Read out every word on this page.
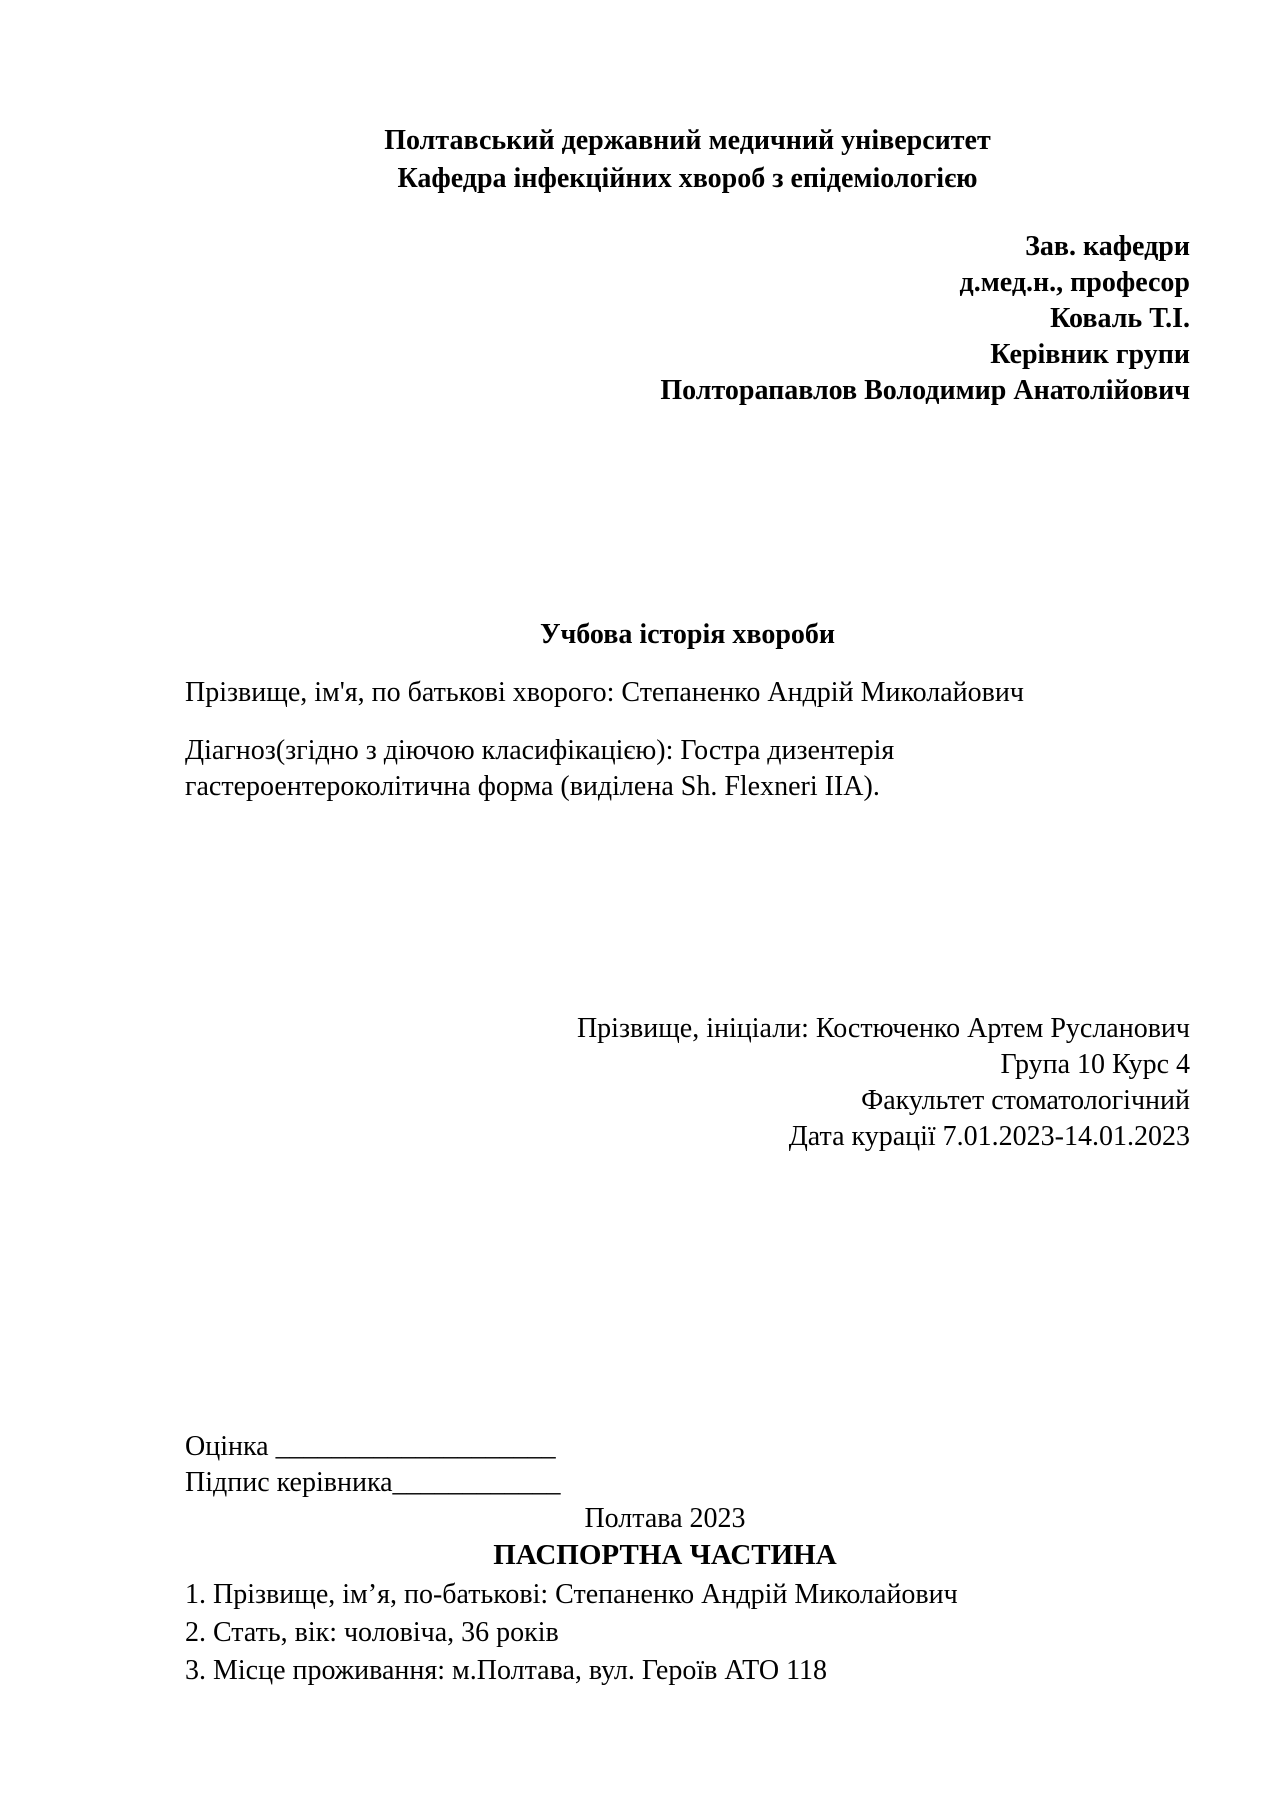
Полтавський державний медичний університет
Кафедра інфекційних хвороб з епідеміологією
Зав. кафедри
д.мед.н., професор
Коваль Т.І.
Керівник групи
Полторапавлов Володимир Анатолійович
Учбова історія хвороби
Прізвище, ім'я, по батькові хворого: Степаненко Андрій Миколайович
Діагноз(згідно з діючою класифікацією): Гостра дизентерія
гастероентероколітична форма (виділена Sh. Flexneri IIA).
Прізвище, ініціали: Костюченко Артем Русланович
Група 10 Курс 4
Факультет стоматологічний
Дата курації 7.01.2023-14.01.2023
Оцінка ____________________
Підпис керівника____________
Полтава 2023
ПАСПОРТНА ЧАСТИНА
1. Прізвище, ім’я, по-батькові: Степаненко Андрій Миколайович
2. Стать, вік: чоловіча, 36 років
3. Місце проживання: м.Полтава, вул. Героїв АТО 118
